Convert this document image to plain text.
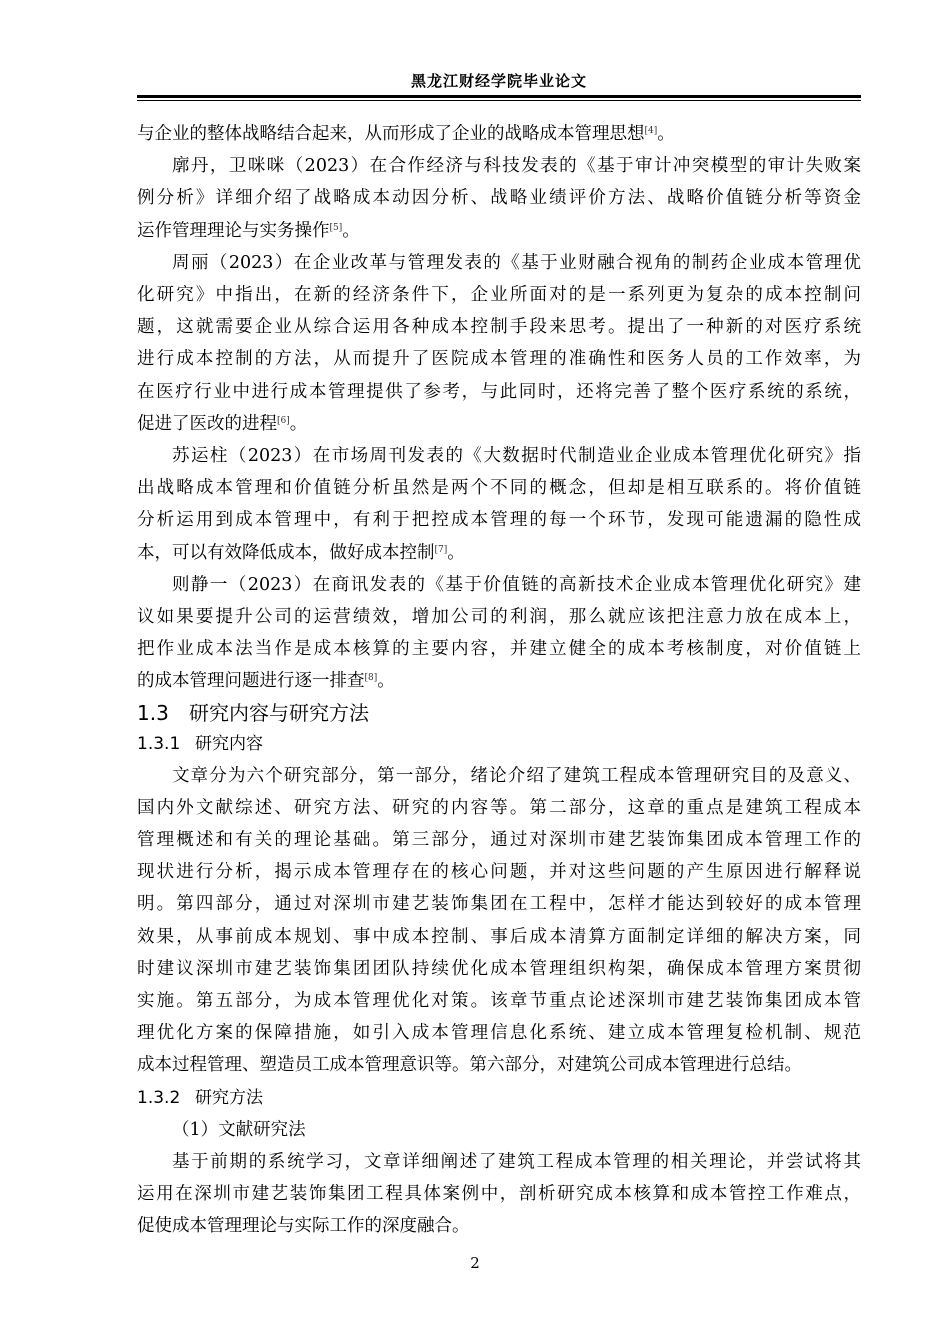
黑龙江财经学院毕业论文

与企业的整体战略结合起来，从而形成了企业的战略成本管理思想[4]。

廓丹，卫咪咪（2023）在合作经济与科技发表的《基于审计冲突模型的审计失败案

例分析》详细介绍了战略成本动因分析、战略业绩评价方法、战略价值链分析等资金

运作管理理论与实务操作[5]。

周丽（2023）在企业改革与管理发表的《基于业财融合视角的制药企业成本管理优

化研究》中指出，在新的经济条件下，企业所面对的是一系列更为复杂的成本控制问

题，这就需要企业从综合运用各种成本控制手段来思考。提出了一种新的对医疗系统

进行成本控制的方法，从而提升了医院成本管理的准确性和医务人员的工作效率，为

在医疗行业中进行成本管理提供了参考，与此同时，还将完善了整个医疗系统的系统，

促进了医改的进程[6]。

苏运柱（2023）在市场周刊发表的《大数据时代制造业企业成本管理优化研究》指

出战略成本管理和价值链分析虽然是两个不同的概念，但却是相互联系的。将价值链

分析运用到成本管理中，有利于把控成本管理的每一个环节，发现可能遗漏的隐性成

本，可以有效降低成本，做好成本控制[7]。

则静一（2023）在商讯发表的《基于价值链的高新技术企业成本管理优化研究》建

议如果要提升公司的运营绩效，增加公司的利润，那么就应该把注意力放在成本上，

把作业成本法当作是成本核算的主要内容，并建立健全的成本考核制度，对价值链上

的成本管理问题进行逐一排查[8]。

1.3 研究内容与研究方法
1.3.1 研究内容

文章分为六个研究部分，第一部分，绪论介绍了建筑工程成本管理研究目的及意义、

国内外文献综述、研究方法、研究的内容等。第二部分，这章的重点是建筑工程成本

管理概述和有关的理论基础。第三部分，通过对深圳市建艺装饰集团成本管理工作的

现状进行分析，揭示成本管理存在的核心问题，并对这些问题的产生原因进行解释说

明。第四部分，通过对深圳市建艺装饰集团在工程中，怎样才能达到较好的成本管理

效果，从事前成本规划、事中成本控制、事后成本清算方面制定详细的解决方案，同

时建议深圳市建艺装饰集团团队持续优化成本管理组织构架，确保成本管理方案贯彻

实施。第五部分，为成本管理优化对策。该章节重点论述深圳市建艺装饰集团成本管

理优化方案的保障措施，如引入成本管理信息化系统、建立成本管理复检机制、规范

成本过程管理、塑造员工成本管理意识等。第六部分，对建筑公司成本管理进行总结。

1.3.2 研究方法

（1）文献研究法

基于前期的系统学习，文章详细阐述了建筑工程成本管理的相关理论，并尝试将其

运用在深圳市建艺装饰集团工程具体案例中，剖析研究成本核算和成本管控工作难点，

促使成本管理理论与实际工作的深度融合。

2
